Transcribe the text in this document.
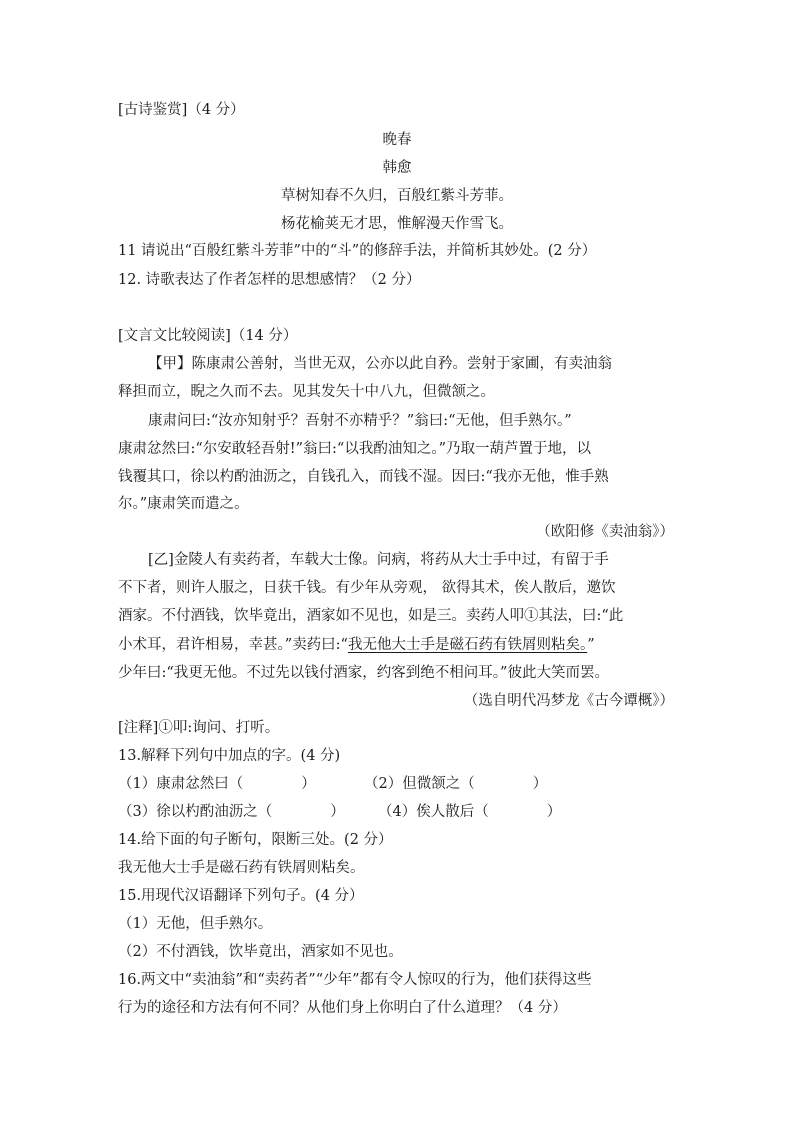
[古诗鉴赏]（4 分）
晚春
韩愈
草树知春不久归，百般红紫斗芳菲。
杨花榆荚无才思，惟解漫天作雪飞。
11 请说出“百般红紫斗芳菲”中的“斗”的修辞手法，并简析其妙处。(2 分）
12. 诗歌表达了作者怎样的思想感情？（2 分）
[文言文比较阅读]（14 分）
【甲】陈康肃公善射，当世无双，公亦以此自矜。尝射于家圃，有卖油翁
释担而立，睨之久而不去。见其发矢十中八九，但微颔之。
康肃问曰:“汝亦知射乎？吾射不亦精乎？”翁曰:“无他，但手熟尔。”
康肃忿然曰:“尔安敢轻吾射!”翁曰:“以我酌油知之。”乃取一葫芦置于地，以
钱覆其口，徐以杓酌油沥之，自钱孔入，而钱不湿。因曰:“我亦无他，惟手熟
尔。”康肃笑而遣之。
（欧阳修《卖油翁》）
[乙]金陵人有卖药者，车载大士像。问病，将药从大士手中过，有留于手
不下者，则许人服之，日获千钱。有少年从旁观， 欲得其术，俟人散后，邀饮
酒家。不付酒钱，饮毕竟出，酒家如不见也，如是三。卖药人叩①其法，曰:“此
小术耳，君许相易，幸甚。”卖药曰:“我无他大士手是磁石药有铁屑则粘矣。”
少年曰:“我更无他。不过先以钱付酒家，约客到绝不相问耳。”彼此大笑而罢。
（选自明代冯梦龙《古今谭概》）
[注释]①叩:询问、打听。
13.解释下列句中加点的字。(4 分)
（1）康肃忿然曰（	）	（2）但微颔之（	）
（3）徐以杓酌油沥之（	） （4）俟人散后（	）
14.给下面的句子断句，限断三处。(2 分）
我无他大士手是磁石药有铁屑则粘矣。
15.用现代汉语翻译下列句子。(4 分）
（1）无他，但手熟尔。
（2）不付酒钱，饮毕竟出，酒家如不见也。
16.两文中“卖油翁”和“卖药者”“少年”都有令人惊叹的行为，他们获得这些
行为的途径和方法有何不同？从他们身上你明白了什么道理？（4 分）
